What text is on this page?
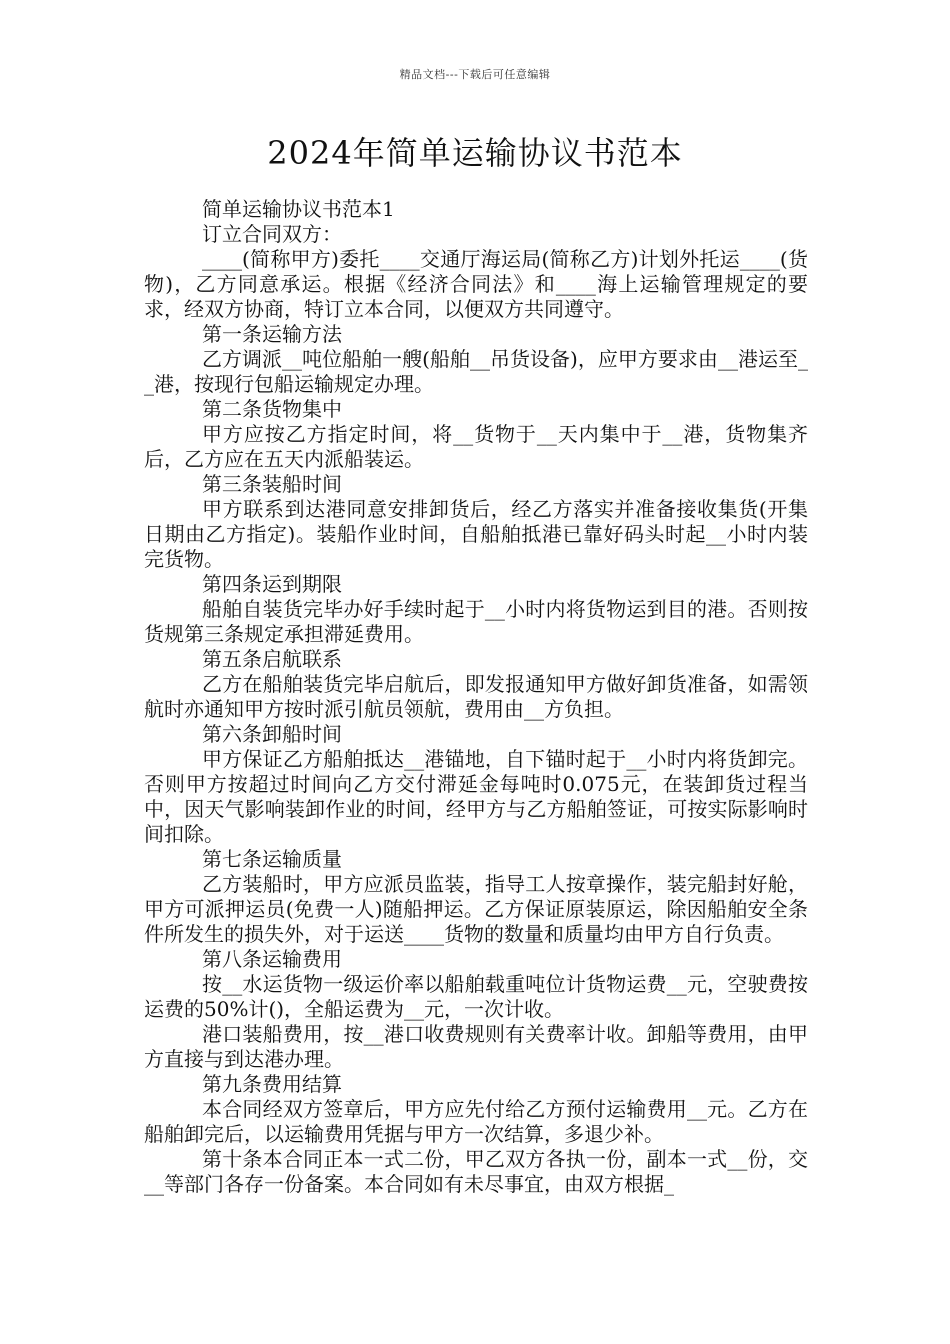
精品文档---下载后可任意编辑
2024年简单运输协议书范本

简单运输协议书范本1

订立合同双方：

____(简称甲方)委托____交通厅海运局(简称乙方)计划外托运____(货物)，乙方同意承运。根据《经济合同法》和____海上运输管理规定的要求，经双方协商，特订立本合同，以便双方共同遵守。

第一条运输方法

乙方调派__吨位船舶一艘(船舶__吊货设备)，应甲方要求由__港运至__港，按现行包船运输规定办理。

第二条货物集中

甲方应按乙方指定时间，将__货物于__天内集中于__港，货物集齐后，乙方应在五天内派船装运。

第三条装船时间

甲方联系到达港同意安排卸货后，经乙方落实并准备接收集货(开集日期由乙方指定)。装船作业时间，自船舶抵港已靠好码头时起__小时内装完货物。

第四条运到期限

船舶自装货完毕办好手续时起于__小时内将货物运到目的港。否则按货规第三条规定承担滞延费用。

第五条启航联系

乙方在船舶装货完毕启航后，即发报通知甲方做好卸货准备，如需领航时亦通知甲方按时派引航员领航，费用由__方负担。

第六条卸船时间

甲方保证乙方船舶抵达__港锚地，自下锚时起于__小时内将货卸完。否则甲方按超过时间向乙方交付滞延金每吨时0.075元，在装卸货过程当中，因天气影响装卸作业的时间，经甲方与乙方船舶签证，可按实际影响时间扣除。

第七条运输质量

乙方装船时，甲方应派员监装，指导工人按章操作，装完船封好舱，甲方可派押运员(免费一人)随船押运。乙方保证原装原运，除因船舶安全条件所发生的损失外，对于运送____货物的数量和质量均由甲方自行负责。

第八条运输费用

按__水运货物一级运价率以船舶载重吨位计货物运费__元，空驶费按运费的50%计()，全船运费为__元，一次计收。

港口装船费用，按__港口收费规则有关费率计收。卸船等费用，由甲方直接与到达港办理。

第九条费用结算

本合同经双方签章后，甲方应先付给乙方预付运输费用__元。乙方在船舶卸完后，以运输费用凭据与甲方一次结算，多退少补。

第十条本合同正本一式二份，甲乙双方各执一份，副本一式__份，交__等部门各存一份备案。本合同如有未尽事宜，由双方根据_
